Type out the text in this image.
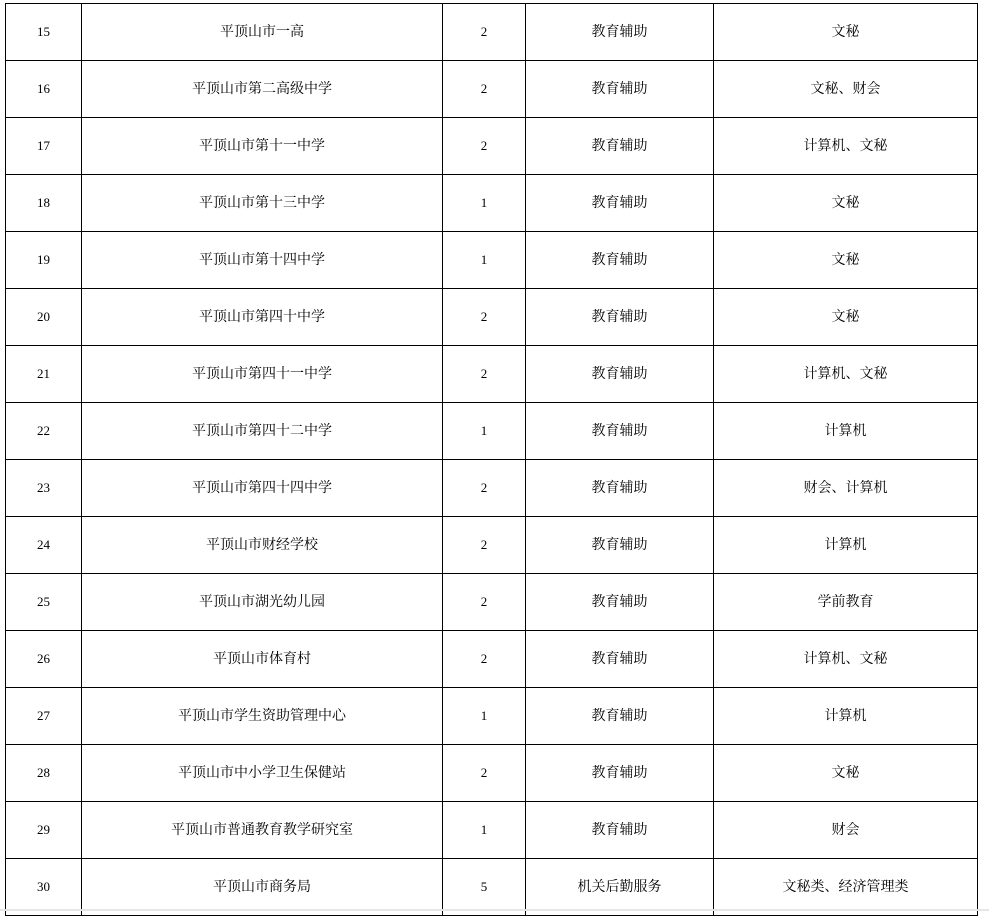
15	平顶山市一高	2	教育辅助	文秘
16	平顶山市第二高级中学	2	教育辅助	文秘、财会
17	平顶山市第十一中学	2	教育辅助	计算机、文秘
18	平顶山市第十三中学	1	教育辅助	文秘
19	平顶山市第十四中学	1	教育辅助	文秘
20	平顶山市第四十中学	2	教育辅助	文秘
21	平顶山市第四十一中学	2	教育辅助	计算机、文秘
22	平顶山市第四十二中学	1	教育辅助	计算机
23	平顶山市第四十四中学	2	教育辅助	财会、计算机
24	平顶山市财经学校	2	教育辅助	计算机
25	平顶山市湖光幼儿园	2	教育辅助	学前教育
26	平顶山市体育村	2	教育辅助	计算机、文秘
27	平顶山市学生资助管理中心	1	教育辅助	计算机
28	平顶山市中小学卫生保健站	2	教育辅助	文秘
29	平顶山市普通教育教学研究室	1	教育辅助	财会
30	平顶山市商务局	5	机关后勤服务	文秘类、经济管理类
